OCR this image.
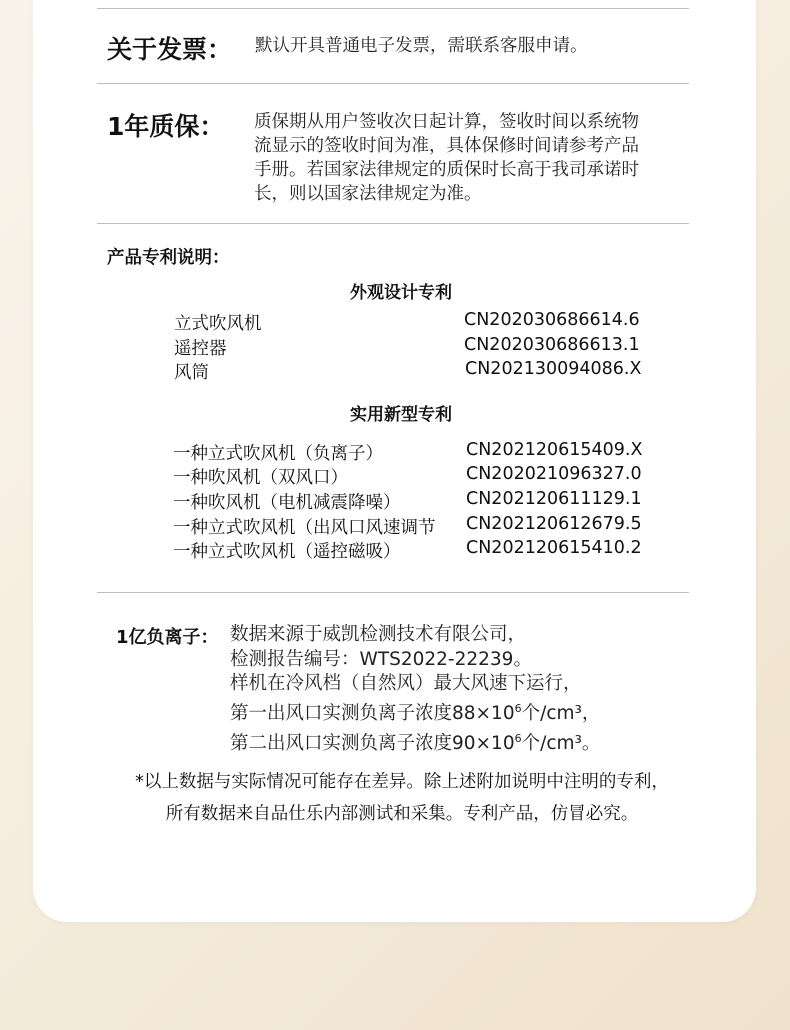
关于发票： 默认开具普通电子发票，需联系客服申请。
1年质保： 质保期从用户签收次日起计算，签收时间以系统物
流显示的签收时间为准，具体保修时间请参考产品
手册。若国家法律规定的质保时长高于我司承诺时
长，则以国家法律规定为准。
产品专利说明：
外观设计专利
立式吹风机	CN202030686614.6
遥控器	CN202030686613.1
风筒	CN202130094086.X
实用新型专利
一种立式吹风机（负离子）	CN202120615409.X
一种吹风机（双风口）	CN202021096327.0
一种吹风机（电机减震降噪）	CN202120611129.1
一种立式吹风机（出风口风速调节 CN202120612679.5
一种立式吹风机（遥控磁吸）	CN202120615410.2
1亿负离子： 数据来源于威凯检测技术有限公司，
检测报告编号：WTS2022-22239。
样机在冷风档（自然风）最大风速下运行，
第一出风口实测负离子浓度$88\times 10^6$个/cm³，
第二出风口实测负离子浓度$90\times 10^6$个/cm³。
*以上数据与实际情况可能存在差异。除上述附加说明中注明的专利，
所有数据来自品仕乐内部测试和采集。专利产品，仿冒必究。
